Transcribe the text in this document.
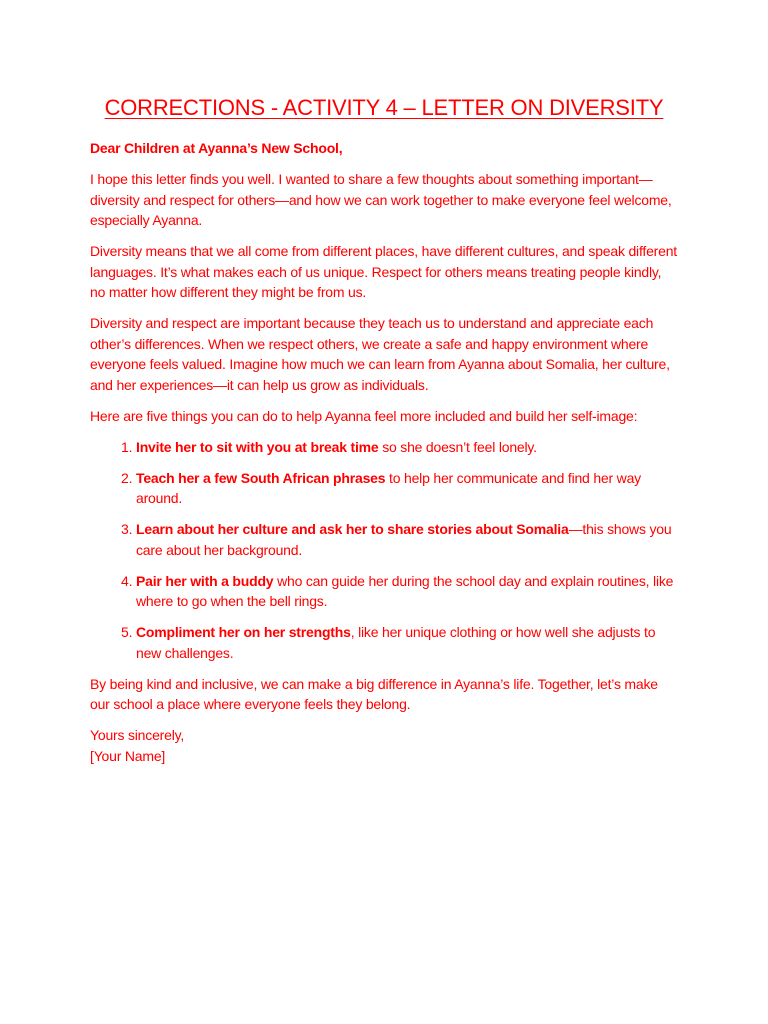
CORRECTIONS - ACTIVITY 4 – LETTER ON DIVERSITY

Dear Children at Ayanna’s New School,

I hope this letter finds you well. I wanted to share a few thoughts about something important—diversity and respect for others—and how we can work together to make everyone feel welcome, especially Ayanna.

Diversity means that we all come from different places, have different cultures, and speak different languages. It’s what makes each of us unique. Respect for others means treating people kindly, no matter how different they might be from us.

Diversity and respect are important because they teach us to understand and appreciate each other’s differences. When we respect others, we create a safe and happy environment where everyone feels valued. Imagine how much we can learn from Ayanna about Somalia, her culture, and her experiences—it can help us grow as individuals.

Here are five things you can do to help Ayanna feel more included and build her self-image:

1. Invite her to sit with you at break time so she doesn’t feel lonely.
2. Teach her a few South African phrases to help her communicate and find her way around.
3. Learn about her culture and ask her to share stories about Somalia—this shows you care about her background.
4. Pair her with a buddy who can guide her during the school day and explain routines, like where to go when the bell rings.
5. Compliment her on her strengths, like her unique clothing or how well she adjusts to new challenges.

By being kind and inclusive, we can make a big difference in Ayanna’s life. Together, let’s make our school a place where everyone feels they belong.

Yours sincerely,

[Your Name]
